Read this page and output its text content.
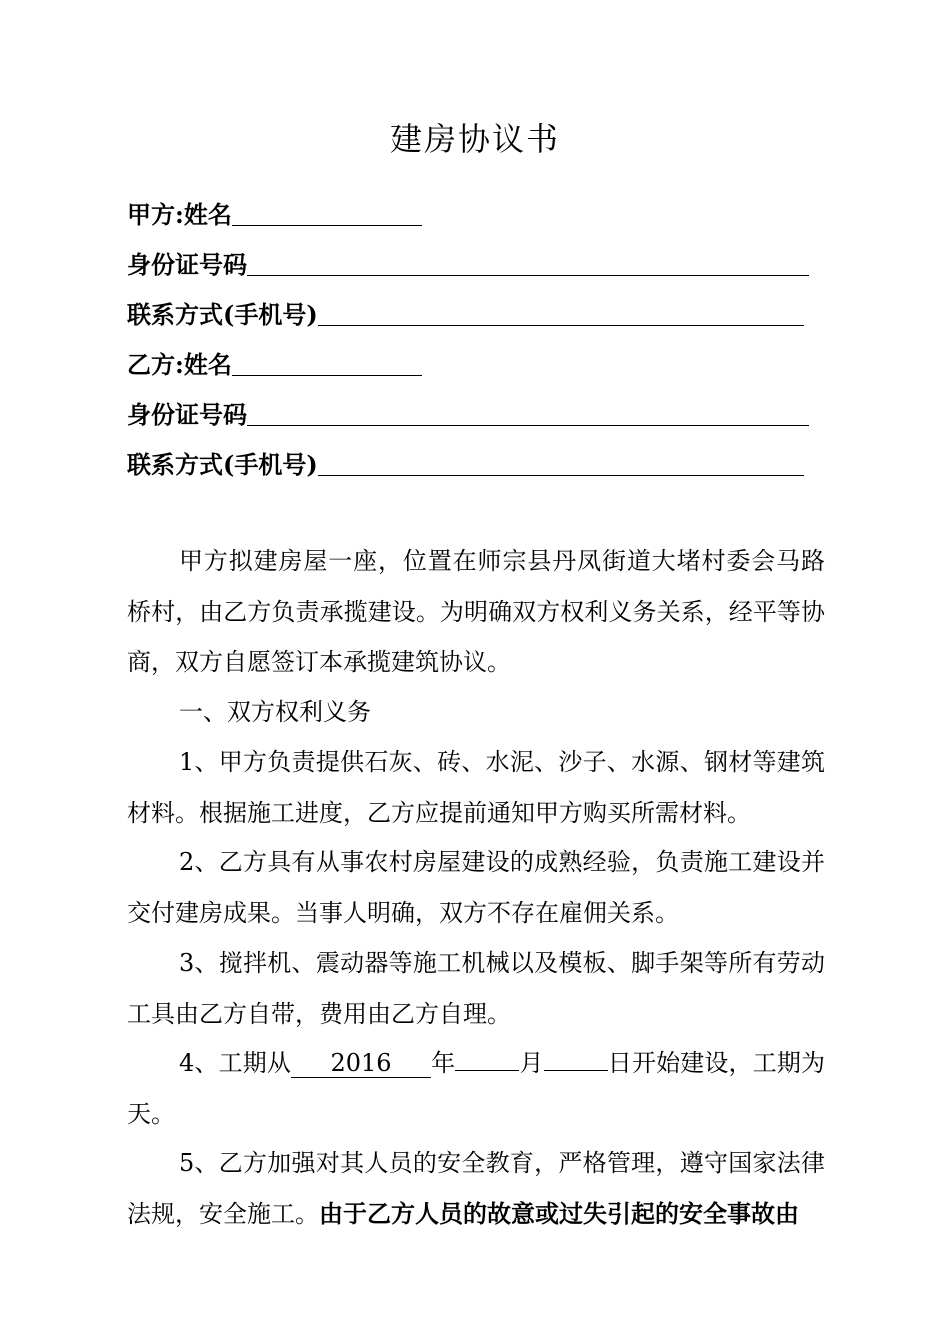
建房协议书
甲方:姓名
身份证号码
联系方式(手机号)
乙方:姓名
身份证号码
联系方式(手机号)
甲方拟建房屋一座，位置在师宗县丹凤街道大堵村委会马路桥村，由乙方负责承揽建设。为明确双方权利义务关系，经平等协商，双方自愿签订本承揽建筑协议。
一、双方权利义务
1、甲方负责提供石灰、砖、水泥、沙子、水源、钢材等建筑材料。根据施工进度，乙方应提前通知甲方购买所需材料。
2、乙方具有从事农村房屋建设的成熟经验，负责施工建设并交付建房成果。当事人明确，双方不存在雇佣关系。
3、搅拌机、震动器等施工机械以及模板、脚手架等所有劳动工具由乙方自带，费用由乙方自理。
4、工期从 2016 年	月	日开始建设，工期为天。
5、乙方加强对其人员的安全教育，严格管理，遵守国家法律法规，安全施工。由于乙方人员的故意或过失引起的安全事故由
